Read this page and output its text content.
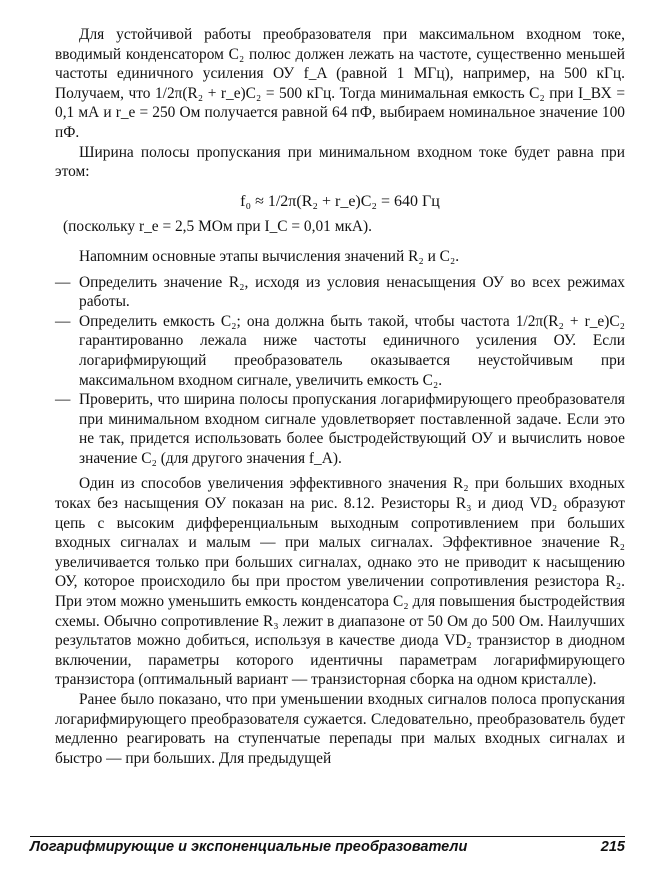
Для устойчивой работы преобразователя при максимальном входном токе, вводимый конденсатором C₂ полюс должен лежать на частоте, существенно меньшей частоты единичного усиления ОУ f_A (равной 1 МГц), например, на 500 кГц. Получаем, что 1/2π(R₂ + r_e)C₂ = 500 кГц. Тогда минимальная емкость C₂ при I_ВХ = 0,1 мА и r_e = 250 Ом получается равной 64 пФ, выбираем номинальное значение 100 пФ.

Ширина полосы пропускания при минимальном входном токе будет равна при этом:

f₀ ≈ 1/2π(R₂ + r_e)C₂ = 640 Гц

(поскольку r_e = 2,5 МОм при I_C = 0,01 мкА).

Напомним основные этапы вычисления значений R₂ и C₂.

— Определить значение R₂, исходя из условия ненасыщения ОУ во всех режимах работы.
— Определить емкость C₂; она должна быть такой, чтобы частота 1/2π(R₂ + r_e)C₂ гарантированно лежала ниже частоты единичного усиления ОУ. Если логарифмирующий преобразователь оказывается неустойчивым при максимальном входном сигнале, увеличить емкость C₂.
— Проверить, что ширина полосы пропускания логарифмирующего преобразователя при минимальном входном сигнале удовлетворяет поставленной задаче. Если это не так, придется использовать более быстродействующий ОУ и вычислить новое значение C₂ (для другого значения f_A).

Один из способов увеличения эффективного значения R₂ при больших входных токах без насыщения ОУ показан на рис. 8.12. Резисторы R₃ и диод VD₂ образуют цепь с высоким дифференциальным выходным сопротивлением при больших входных сигналах и малым — при малых сигналах. Эффективное значение R₂ увеличивается только при больших сигналах, однако это не приводит к насыщению ОУ, которое происходило бы при простом увеличении сопротивления резистора R₂. При этом можно уменьшить емкость конденсатора C₂ для повышения быстродействия схемы. Обычно сопротивление R₃ лежит в диапазоне от 50 Ом до 500 Ом. Наилучших результатов можно добиться, используя в качестве диода VD₂ транзистор в диодном включении, параметры которого идентичны параметрам логарифмирующего транзистора (оптимальный вариант — транзисторная сборка на одном кристалле).

Ранее было показано, что при уменьшении входных сигналов полоса пропускания логарифмирующего преобразователя сужается. Следовательно, преобразователь будет медленно реагировать на ступенчатые перепады при малых входных сигналах и быстро — при больших. Для предыдущей

Логарифмирующие и экспоненциальные преобразователи	215
